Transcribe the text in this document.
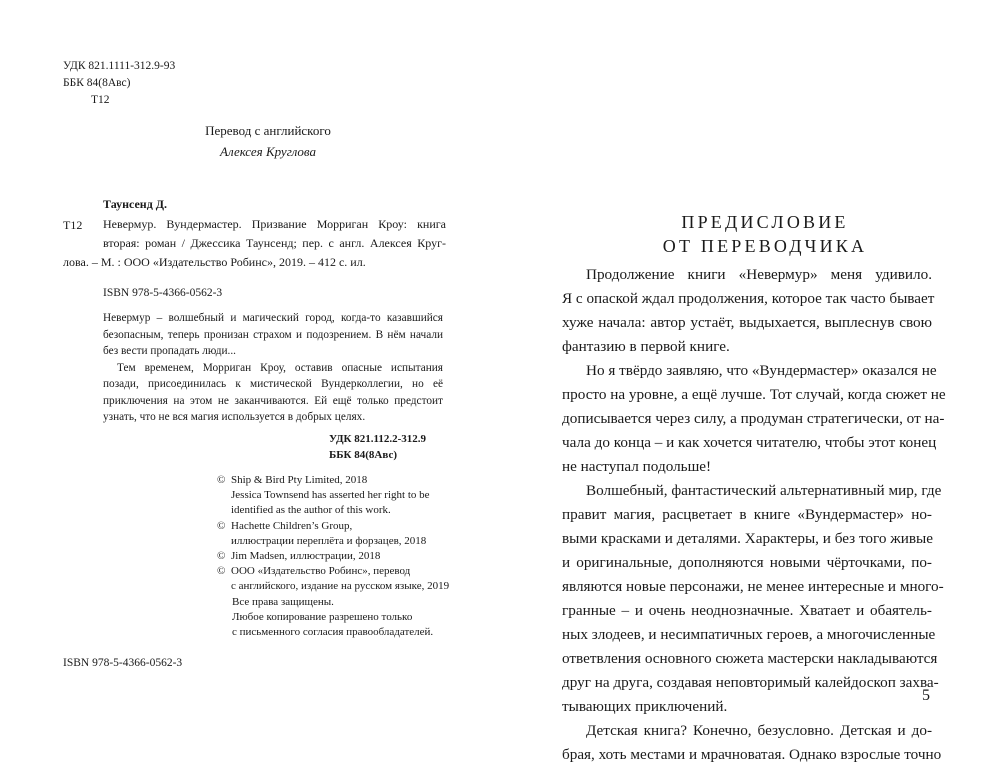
УДК 821.1111-312.9-93
ББК 84(8Авс)
Т12
Перевод с английского
Алексея Круглова
Таунсенд Д.
Т12 Невермур. Вундермастер. Призвание Морриган Кроу: книга
вторая: роман / Джессика Таунсенд; пер. с англ. Алексея Круг-
лова. – М. : ООО «Издательство Робинс», 2019. – 412 с. ил.
ISBN 978-5-4366-0562-3
Невермур – волшебный и магический город, когда-то казавшийся
безопасным, теперь пронизан страхом и подозрением. В нём начали
без вести пропадать люди...
Тем временем, Морриган Кроу, оставив опасные испытания
позади, присоединилась к мистической Вундерколлегии, но её
приключения на этом не заканчиваются. Ей ещё только предстоит
узнать, что не вся магия используется в добрых целях.
УДК 821.112.2-312.9
ББК 84(8Авс)
© Ship & Bird Pty Limited, 2018
Jessica Townsend has asserted her right to be
identified as the author of this work.
© Hachette Children’s Group,
иллюстрации переплёта и форзацев, 2018
© Jim Madsen, иллюстрации, 2018
© ООО «Издательство Робинс», перевод
с английского, издание на русском языке, 2019
Все права защищены.
Любое копирование разрешено только
с письменного согласия правообладателей.
ISBN 978-5-4366-0562-3
ПРЕДИСЛОВИЕ
ОТ ПЕРЕВОДЧИКА
Продолжение книги «Невермур» меня удивило.
Я с опаской ждал продолжения, которое так часто бывает
хуже начала: автор устаёт, выдыхается, выплеснув свою
фантазию в первой книге.
Но я твёрдо заявляю, что «Вундермастер» оказался не
просто на уровне, а ещё лучше. Тот случай, когда сюжет не
дописывается через силу, а продуман стратегически, от на-
чала до конца – и как хочется читателю, чтобы этот конец
не наступал подольше!
Волшебный, фантастический альтернативный мир, где
правит магия, расцветает в книге «Вундермастер» но-
выми красками и деталями. Характеры, и без того живые
и оригинальные, дополняются новыми чёрточками, по-
являются новые персонажи, не менее интересные и много-
гранные – и очень неоднозначные. Хватает и обаятель-
ных злодеев, и несимпатичных героев, а многочисленные
ответвления основного сюжета мастерски накладываются
друг на друга, создавая неповторимый калейдоскоп захва-
тывающих приключений.
Детская книга? Конечно, безусловно. Детская и до-
брая, хоть местами и мрачноватая. Однако взрослые точно
5
